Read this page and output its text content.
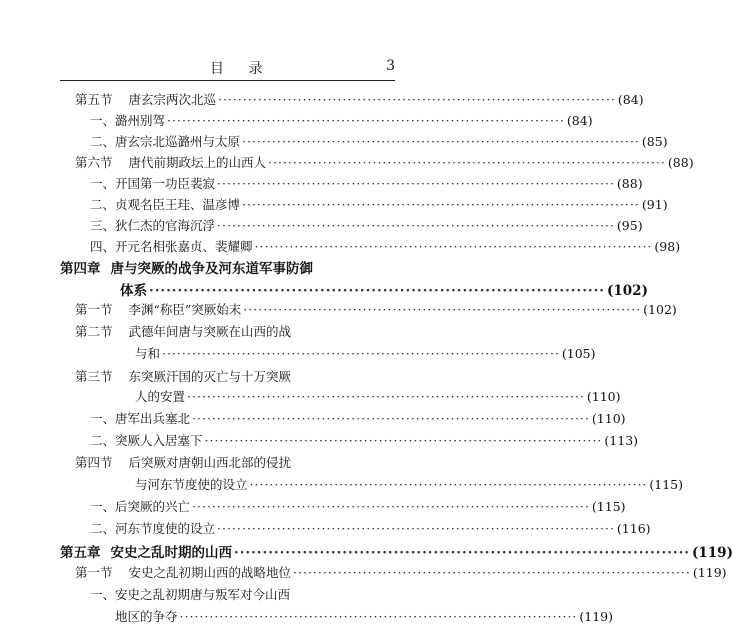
目 录	3
第五节 唐玄宗两次北巡 ················································································ (84)
一、 潞州别驾 ················································································ (84)
二、 唐玄宗北巡潞州与太原 ················································································ (85)
第六节 唐代前期政坛上的山西人 ················································································ (88)
一、 开国第一功臣裴寂 ················································································ (88)
二、 贞观名臣王珪、温彦博 ················································································ (91)
三、 狄仁杰的官海沉浮 ················································································ (95)
四、 开元名相张嘉贞、裴耀卿 ················································································ (98)
第四章 唐与突厥的战争及河东道军事防御
体系 ················································································ (102)
第一节 李渊“称臣”突厥始末 ················································································ (102)
第二节 武德年间唐与突厥在山西的战
与和 ················································································ (105)
第三节 东突厥汗国的灭亡与十万突厥
人的安置 ················································································ (110)
一、 唐军出兵塞北 ················································································ (110)
二、 突厥人入居塞下 ················································································ (113)
第四节 后突厥对唐朝山西北部的侵扰
与河东节度使的设立 ················································································ (115)
一、 后突厥的兴亡 ················································································ (115)
二、 河东节度使的设立 ················································································ (116)
第五章 安史之乱时期的山西 ················································································ (119)
第一节 安史之乱初期山西的战略地位 ················································································ (119)
一、 安史之乱初期唐与叛军对今山西
地区的争夺 ················································································ (119)
